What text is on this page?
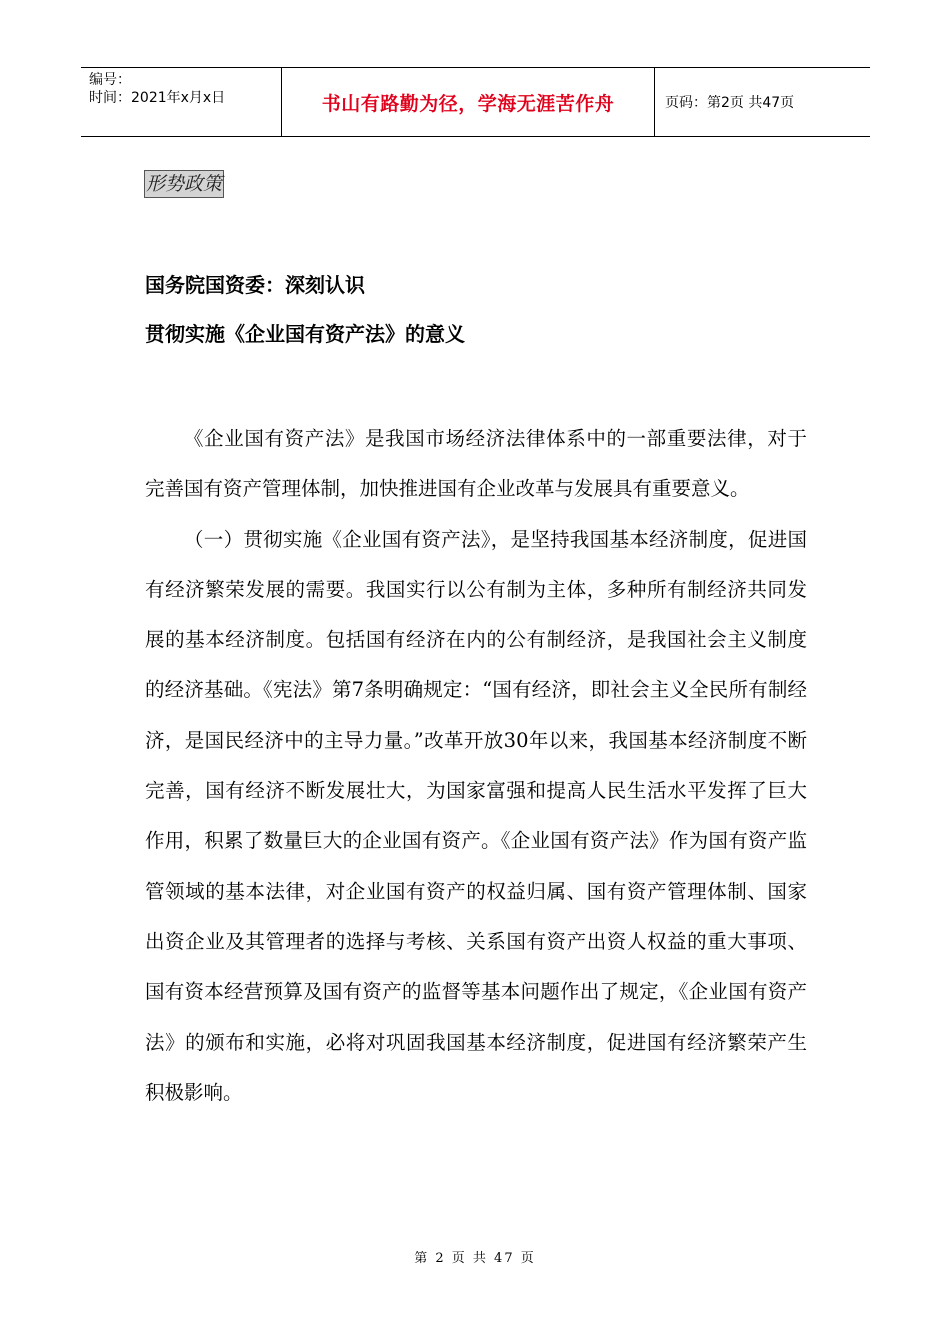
编号：
时间：2021年x月x日	书山有路勤为径，学海无涯苦作舟	页码：第2页 共47页
形势政策
国务院国资委：深刻认识
贯彻实施《企业国有资产法》的意义

《企业国有资产法》是我国市场经济法律体系中的一部重要法律，对于完善国有资产管理体制，加快推进国有企业改革与发展具有重要意义。

（一）贯彻实施《企业国有资产法》，是坚持我国基本经济制度，促进国有经济繁荣发展的需要。我国实行以公有制为主体，多种所有制经济共同发展的基本经济制度。包括国有经济在内的公有制经济，是我国社会主义制度的经济基础。《宪法》第7条明确规定：“国有经济，即社会主义全民所有制经济，是国民经济中的主导力量。”改革开放30年以来，我国基本经济制度不断完善，国有经济不断发展壮大，为国家富强和提高人民生活水平发挥了巨大作用，积累了数量巨大的企业国有资产。《企业国有资产法》作为国有资产监管领域的基本法律，对企业国有资产的权益归属、国有资产管理体制、国家出资企业及其管理者的选择与考核、关系国有资产出资人权益的重大事项、国有资本经营预算及国有资产的监督等基本问题作出了规定，《企业国有资产法》的颁布和实施，必将对巩固我国基本经济制度，促进国有经济繁荣产生积极影响。

第 2 页 共 47 页
